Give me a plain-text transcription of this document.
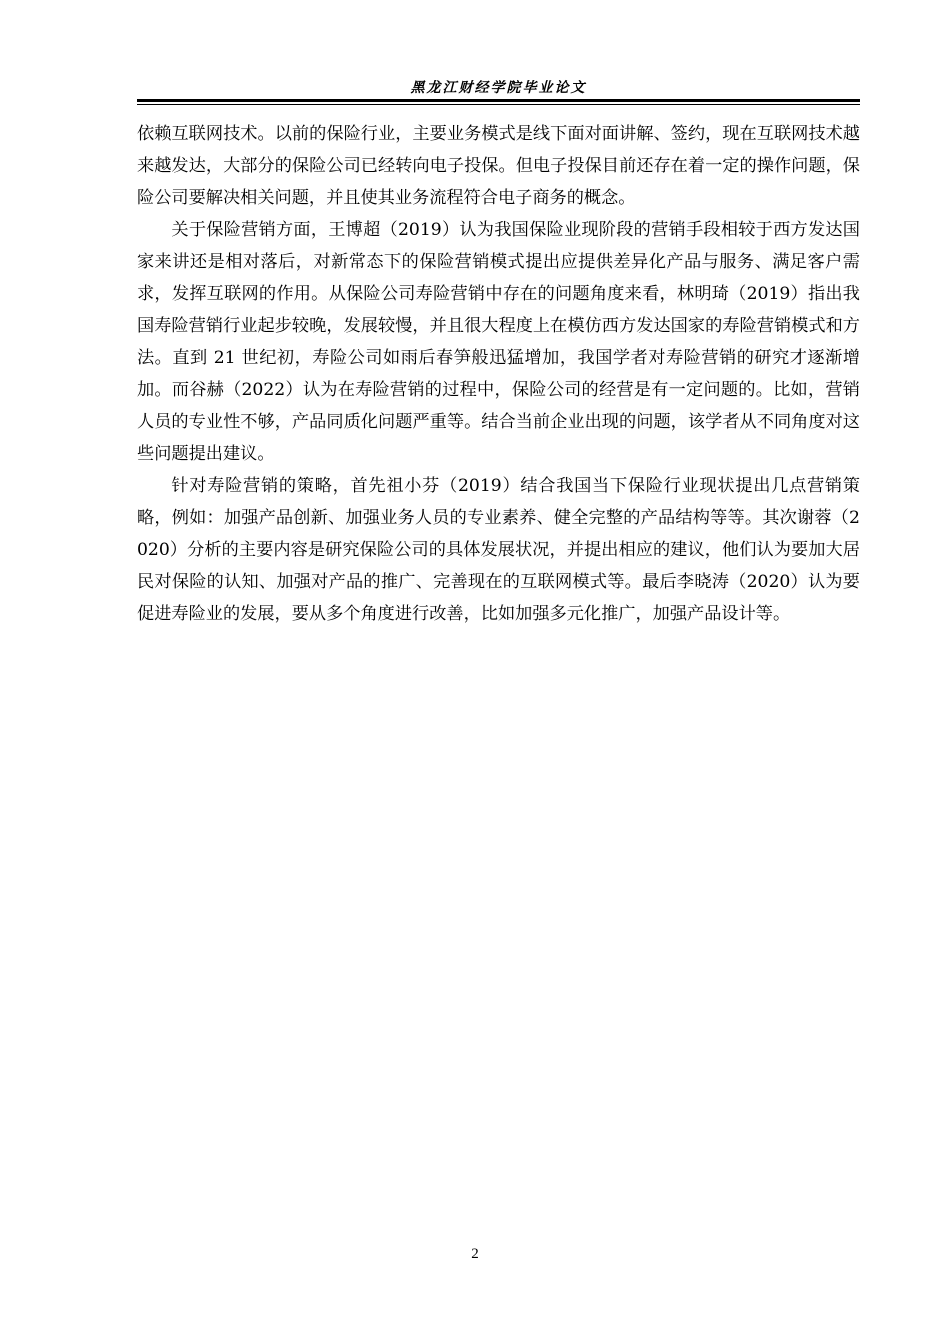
黑龙江财经学院毕业论文

依赖互联网技术。以前的保险行业，主要业务模式是线下面对面讲解、签约，现在互联网技术越来越发达，大部分的保险公司已经转向电子投保。但电子投保目前还存在着一定的操作问题，保险公司要解决相关问题，并且使其业务流程符合电子商务的概念。

关于保险营销方面，王博超（2019）认为我国保险业现阶段的营销手段相较于西方发达国家来讲还是相对落后，对新常态下的保险营销模式提出应提供差异化产品与服务、满足客户需求，发挥互联网的作用。从保险公司寿险营销中存在的问题角度来看，林明琦（2019）指出我国寿险营销行业起步较晚，发展较慢，并且很大程度上在模仿西方发达国家的寿险营销模式和方法。直到 21 世纪初，寿险公司如雨后春笋般迅猛增加，我国学者对寿险营销的研究才逐渐增加。而谷赫（2022）认为在寿险营销的过程中，保险公司的经营是有一定问题的。比如，营销人员的专业性不够，产品同质化问题严重等。结合当前企业出现的问题，该学者从不同角度对这些问题提出建议。

针对寿险营销的策略，首先祖小芬（2019）结合我国当下保险行业现状提出几点营销策略，例如：加强产品创新、加强业务人员的专业素养、健全完整的产品结构等等。其次谢蓉（2020）分析的主要内容是研究保险公司的具体发展状况，并提出相应的建议，他们认为要加大居民对保险的认知、加强对产品的推广、完善现在的互联网模式等。最后李晓涛（2020）认为要促进寿险业的发展，要从多个角度进行改善，比如加强多元化推广，加强产品设计等。

2
